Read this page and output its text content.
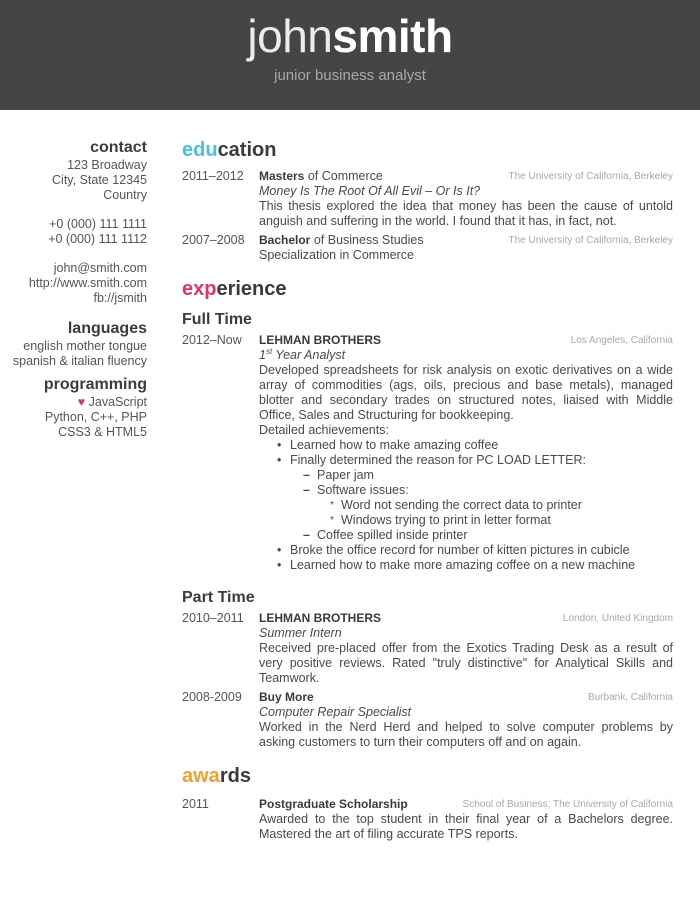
johnsmith
junior business analyst
contact
123 Broadway
City, State 12345
Country
+0 (000) 111 1111
+0 (000) 111 1112
john@smith.com
http://www.smith.com
fb://jsmith
languages
english mother tongue
spanish & italian fluency
programming
♥ JavaScript
Python, C++, PHP
CSS3 & HTML5
education
2011–2012	The University of California, Berkeley
Masters of Commerce
Money Is The Root Of All Evil – Or Is It?
This thesis explored the idea that money has been the cause of untold anguish and suffering in the world. I found that it has, in fact, not.
2007–2008	The University of California, Berkeley
Bachelor of Business Studies
Specialization in Commerce
experience
Full Time
2012–Now	Los Angeles, California
LEHMAN BROTHERS
1st Year Analyst
Developed spreadsheets for risk analysis on exotic derivatives on a wide array of commodities (ags, oils, precious and base metals), managed blotter and secondary trades on structured notes, liaised with Middle Office, Sales and Structuring for bookkeeping.
Detailed achievements:
• Learned how to make amazing coffee
• Finally determined the reason for PC LOAD LETTER:
– Paper jam
– Software issues:
* Word not sending the correct data to printer
* Windows trying to print in letter format
– Coffee spilled inside printer
• Broke the office record for number of kitten pictures in cubicle
• Learned how to make more amazing coffee on a new machine
Part Time
2010–2011	London, United Kingdom
LEHMAN BROTHERS
Summer Intern
Received pre-placed offer from the Exotics Trading Desk as a result of very positive reviews. Rated "truly distinctive" for Analytical Skills and Teamwork.
2008-2009	Burbank, California
Buy More
Computer Repair Specialist
Worked in the Nerd Herd and helped to solve computer problems by asking customers to turn their computers off and on again.
awards
2011	School of Business, The University of California
Postgraduate Scholarship
Awarded to the top student in their final year of a Bachelors degree. Mastered the art of filing accurate TPS reports.
